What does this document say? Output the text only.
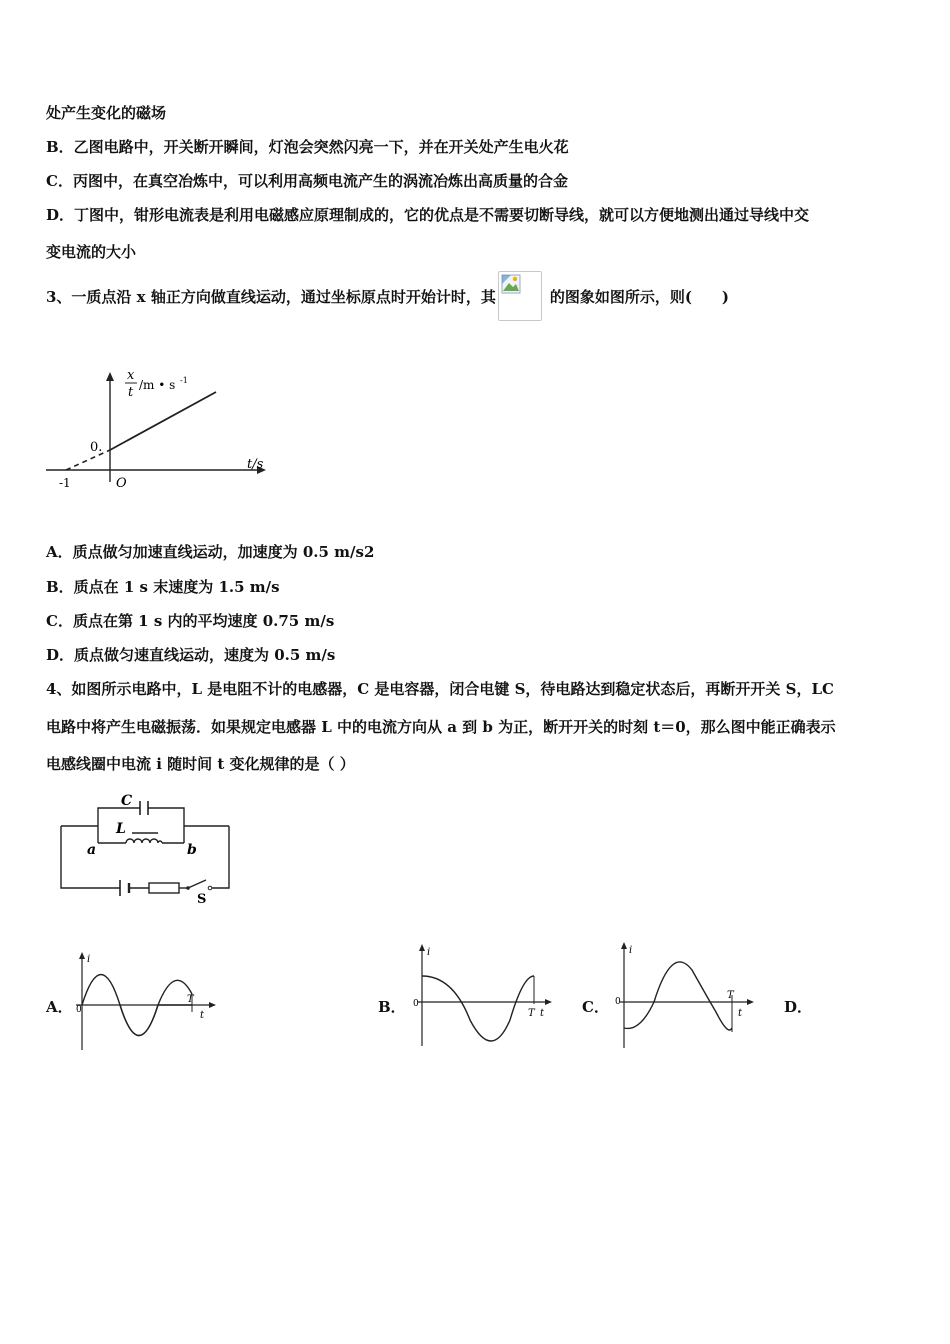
处产生变化的磁场
B．乙图电路中，开关断开瞬间，灯泡会突然闪亮一下，并在开关处产生电火花
C．丙图中，在真空冶炼中，可以利用高频电流产生的涡流冶炼出高质量的合金
D．丁图中，钳形电流表是利用电磁感应原理制成的，它的优点是不需要切断导线，就可以方便地测出通过导线中交
变电流的大小
3、一质点沿 x 轴正方向做直线运动，通过坐标原点时开始计时，其	的图象如图所示，则(　　)
x
t /m • s -1
0.
t/s
O
-1
A．质点做匀加速直线运动，加速度为 0.5 m/s2
B．质点在 1 s 末速度为 1.5 m/s
C．质点在第 1 s 内的平均速度 0.75 m/s
D．质点做匀速直线运动，速度为 0.5 m/s
4、如图所示电路中，L 是电阻不计的电感器，C 是电容器，闭合电键 S，待电路达到稳定状态后，再断开开关 S，LC
电路中将产生电磁振荡．如果规定电感器 L 中的电流方向从 a 到 b 为正，断开开关的时刻 t＝0，那么图中能正确表示
电感线圈中电流 i 随时间 t 变化规律的是（ ）
C
L
a	b
S
A．
i
0
T
t	B．
i
0
T t	C．
i
0
T
t	D．
